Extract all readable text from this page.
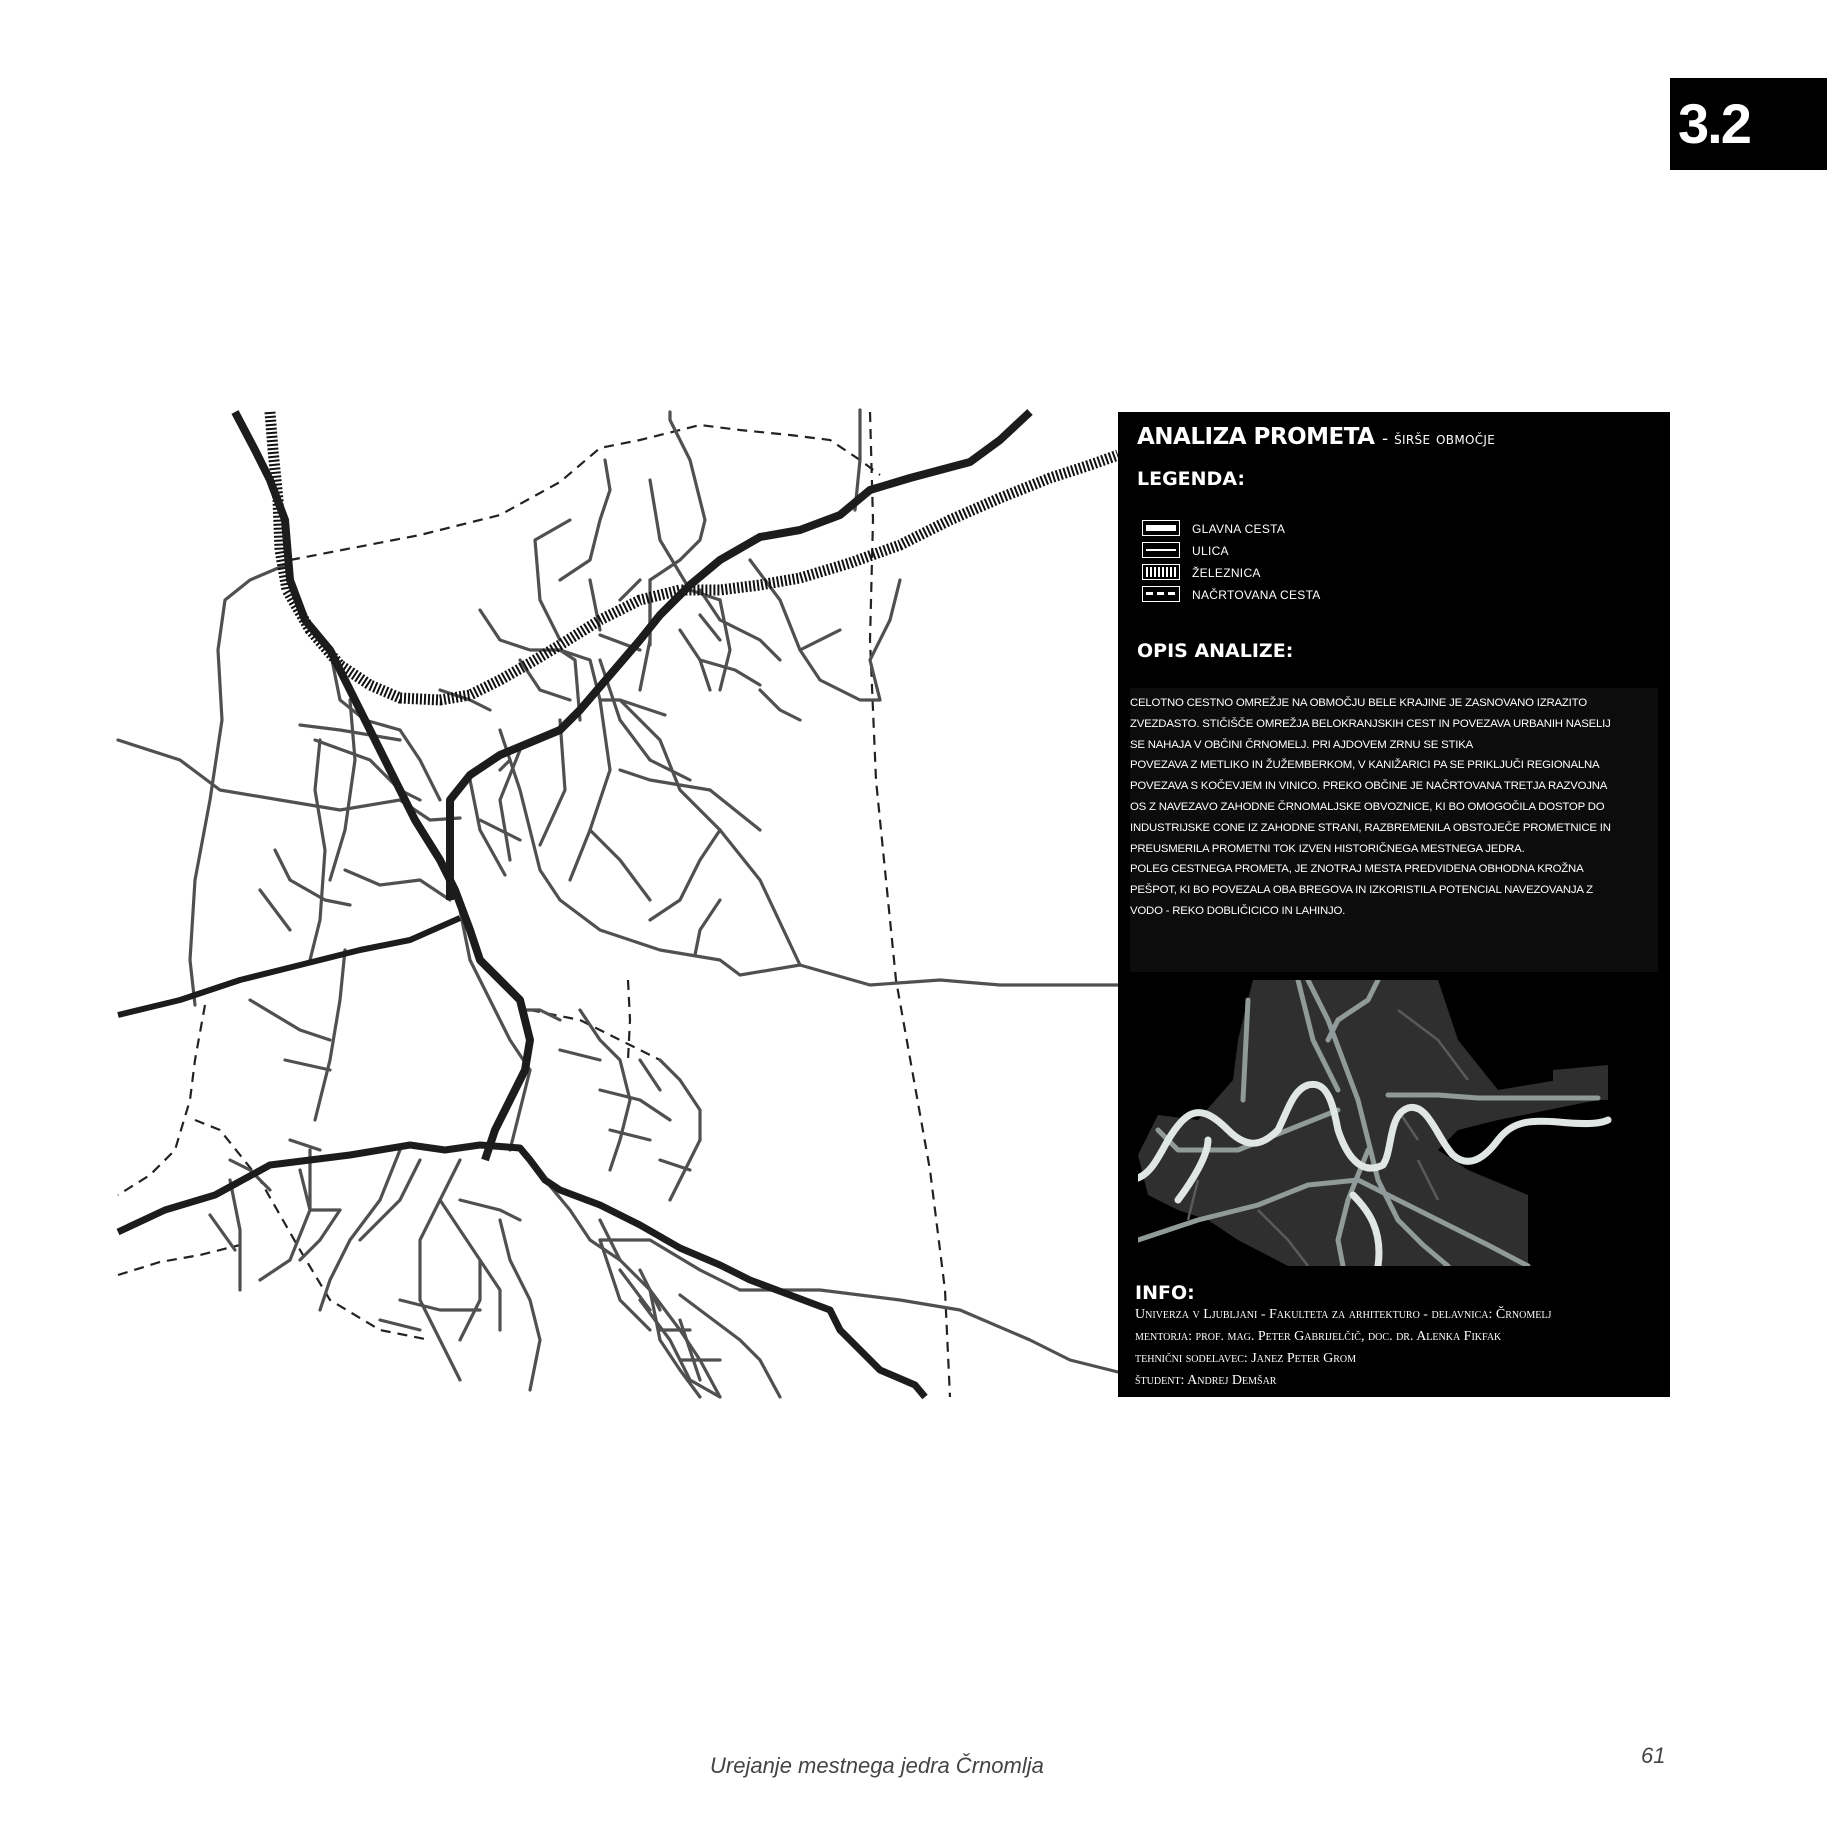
3.2
ANALIZA PROMETA - širše območje
LEGENDA:
GLAVNA CESTA
ULICA
ŽELEZNICA
NAČRTOVANA CESTA
OPIS ANALIZE:

CELOTNO CESTNO OMREŽJE NA OBMOČJU BELE KRAJINE JE ZASNOVANO IZRAZITO

ZVEZDASTO. STIČIŠČE OMREŽJA BELOKRANJSKIH CEST IN POVEZAVA URBANIH NASELIJ

SE NAHAJA V OBČINI ČRNOMELJ. PRI AJDOVEM ZRNU SE STIKA

POVEZAVA Z METLIKO IN ŽUŽEMBERKOM, V KANIŽARICI PA SE PRIKLJUČI REGIONALNA

POVEZAVA S KOČEVJEM IN VINICO. PREKO OBČINE JE NAČRTOVANA TRETJA RAZVOJNA

OS Z NAVEZAVO ZAHODNE ČRNOMALJSKE OBVOZNICE, KI BO OMOGOČILA DOSTOP DO

INDUSTRIJSKE CONE IZ ZAHODNE STRANI, RAZBREMENILA OBSTOJEČE PROMETNICE IN

PREUSMERILA PROMETNI TOK IZVEN HISTORIČNEGA MESTNEGA JEDRA.

POLEG CESTNEGA PROMETA, JE ZNOTRAJ MESTA PREDVIDENA OBHODNA KROŽNA

PEŠPOT, KI BO POVEZALA OBA BREGOVA IN IZKORISTILA POTENCIAL NAVEZOVANJA Z

VODO - REKO DOBLIČICICO IN LAHINJO.

INFO:
Univerza v Ljubljani - Fakulteta za arhitekturo - delavnica: Črnomelj
mentorja: prof. mag. Peter Gabrijelčič, doc. dr. Alenka Fikfak
tehnični sodelavec: Janez Peter Grom
študent: Andrej Demšar
Urejanje mestnega jedra Črnomlja	61
